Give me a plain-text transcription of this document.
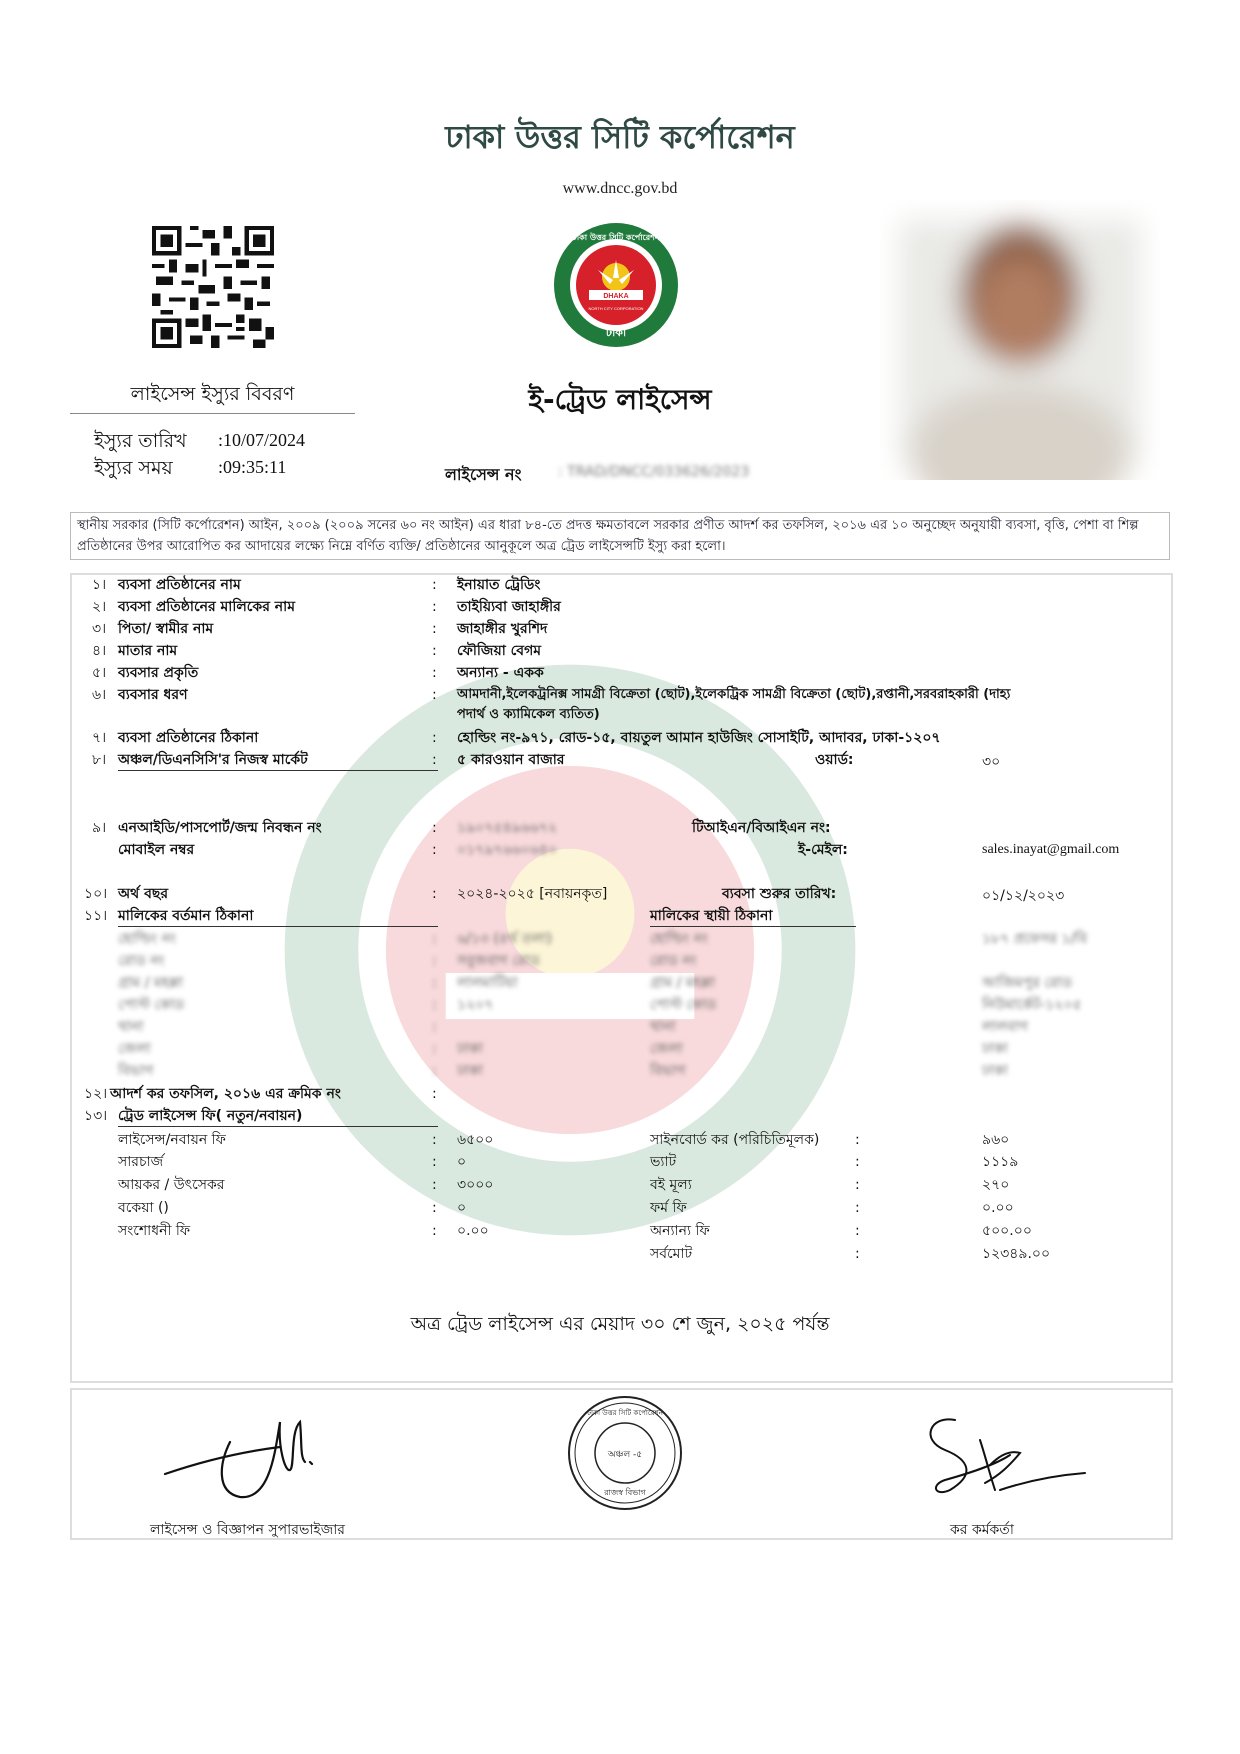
ঢাকা উত্তর সিটি কর্পোরেশন
www.dncc.gov.bd
DHAKA
NORTH CITY CORPORATION
ঢাকা উত্তর সিটি কর্পোরেশন
ঢাকা
লাইসেন্স ইস্যুর বিবরণ
ইস্যুর তারিখ :10/07/2024
ইস্যুর সময়	:09:35:11
ই-ট্রেড লাইসেন্স
লাইসেন্স নং	: TRAD/DNCC/033626/2023
স্থানীয় সরকার (সিটি কর্পোরেশন) আইন, ২০০৯ (২০০৯ সনের ৬০ নং আইন) এর ধারা ৮৪-তে প্রদত্ত ক্ষমতাবলে সরকার প্রণীত আদর্শ কর তফসিল, ২০১৬ এর ১০ অনুচ্ছেদ অনুযায়ী ব্যবসা, বৃত্তি, পেশা বা শিল্প প্রতিষ্ঠানের উপর আরোপিত কর আদায়ের লক্ষ্যে নিম্নে বর্ণিত ব্যক্তি/ প্রতিষ্ঠানের আনুকূলে অত্র ট্রেড লাইসেন্সটি ইস্যু করা হলো।
১। ব্যবসা প্রতিষ্ঠানের নাম	: ইনায়াত ট্রেডিং
২। ব্যবসা প্রতিষ্ঠানের মালিকের নাম	: তাইয়্যিবা জাহাঙ্গীর
৩। পিতা/ স্বামীর নাম	: জাহাঙ্গীর খুরশিদ
৪। মাতার নাম	: ফৌজিয়া বেগম
৫। ব্যবসার প্রকৃতি	: অন্যান্য - একক
৬। ব্যবসার ধরণ	: আমদানী,ইলেকট্রনিক্স সামগ্রী বিক্রেতা (ছোট),ইলেকট্রিক সামগ্রী বিক্রেতা (ছোট),রপ্তানী,সরবরাহকারী (দাহ্য
পদার্থ ও ক্যামিকেল ব্যতিত)
৭। ব্যবসা প্রতিষ্ঠানের ঠিকানা	: হোল্ডিং নং-৯৭১, রোড-১৫, বায়তুল আমান হাউজিং সোসাইটি, আদাবর, ঢাকা-১২০৭
৮। অঞ্চল/ডিএনসিসি'র নিজস্ব মার্কেট	: ৫ কারওয়ান বাজার	ওয়ার্ড:	৩০
৯। এনআইডি/পাসপোর্ট/জন্ম নিবন্ধন নং	: ১৯০৭৫৪৯৬৬৭২	টিআইএন/বিআইএন নং:
মোবাইল নম্বর	: ০১৭৯৭৬৬০৬৪০	ই-মেইল:	sales.inayat@gmail.com
১০। অর্থ বছর	: ২০২৪-২০২৫ [নবায়নকৃত]	ব্যবসা শুরুর তারিখ:	০১/১২/২০২৩
১১। মালিকের বর্তমান ঠিকানা	মালিকের স্থায়ী ঠিকানা
হোল্ডিং নং	: ৬/১৩ (৪র্থ তলা)	হোল্ডিং নং	১৮৭ প্রফেসর ১/বি
রোড নং	: সবুজবাগ রোড	রোড নং
গ্রাম / মহল্লা	: লালমাটিয়া	গ্রাম / মহল্লা	আজিমপুর রোড
পোস্ট কোড	: ১২০৭	পোস্ট কোড	নিউমার্কেট-১২০৫
থানা	:	থানা	লালবাগ
জেলা	: ঢাকা	জেলা	ঢাকা
বিভাগ	: ঢাকা	বিভাগ	ঢাকা
১২। আদর্শ কর তফসিল, ২০১৬ এর ক্রমিক নং	:
১৩। ট্রেড লাইসেন্স ফি( নতুন/নবায়ন)
লাইসেন্স/নবায়ন ফি	: ৬৫০০	সাইনবোর্ড কর (পরিচিতিমূলক)	:	৯৬০
সারচার্জ	: ০	ভ্যাট	:	১১১৯
আয়কর / উৎসেকর	: ৩০০০	বই মূল্য	:	২৭০
বকেয়া ()	: ০	ফর্ম ফি	:	০.০০
সংশোধনী ফি	: ০.০০	অন্যান্য ফি	:	৫০০.০০
সর্বমোট	:	১২৩৪৯.০০
অত্র ট্রেড লাইসেন্স এর মেয়াদ ৩০ শে জুন, ২০২৫ পর্যন্ত
ঢাকা উত্তর সিটি কর্পোরেশন
অঞ্চল -৫
রাজস্ব বিভাগ
লাইসেন্স ও বিজ্ঞাপন সুপারভাইজার	কর কর্মকর্তা
